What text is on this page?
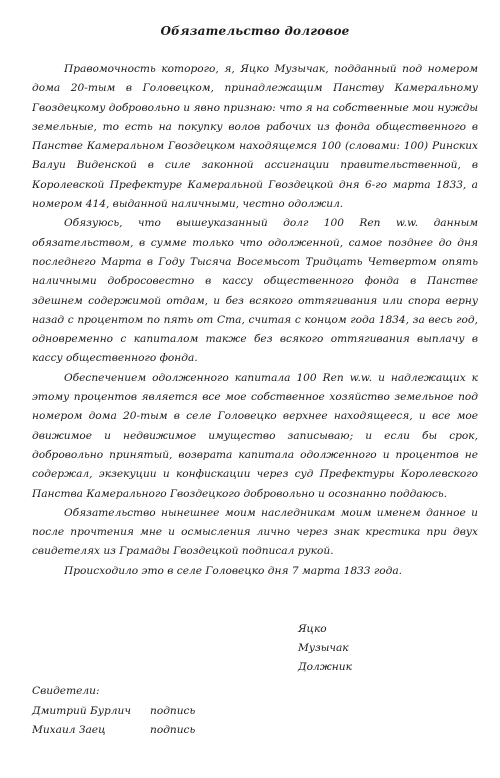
Обязательство долговое

Правомочность которого, я, Яцко Музычак, подданный под номером дома 20-тым в Головецком, принадлежащим Панству Камеральному Гвоздецкому добровольно и явно признаю: что я на собственные мои нужды земельные, то есть на покупку волов рабочих из фонда общественного в Панстве Камеральном Гвоздецком находящемся 100 (словами: 100) Ринских Валуи Виденской в силе законной ассигнации правительственной, в Королевской Префектуре Камеральной Гвоздецкой дня 6-го марта 1833, а номером 414, выданной наличными, честно одолжил.

Обязуюсь, что вышеуказанный долг 100 Ren w.w. данным обязательством, в сумме только что одолженной, самое позднее до дня последнего Марта в Году Тысяча Восемьсот Тридцать Четвертом опять наличными добросовестно в кассу общественного фонда в Панстве здешнем содержимой отдам, и без всякого оттягивания или спора верну назад с процентом по пять от Ста, считая с концом года 1834, за весь год, одновременно с капиталом также без всякого оттягивания выплачу в кассу общественного фонда.

Обеспечением одолженного капитала 100 Ren w.w. и надлежащих к этому процентов является все мое собственное хозяйство земельное под номером дома 20-тым в селе Головецко верхнее находящееся, и все мое движимое и недвижимое имущество записываю; и если бы срок, добровольно принятый, возврата капитала одолженного и процентов не содержал, экзекуции и конфискации через суд Префектуры Королевского Панства Камерального Гвоздецкого добровольно и осознанно поддаюсь.

Обязательство нынешнее моим наследникам моим именем данное и после прочтения мне и осмысления лично через знак крестика при двух свидетелях из Грамады Гвоздецкой подписал рукой.

Происходило это в селе Головецко дня 7 марта 1833 года.

Яцко
Музычак
Должник
Свидетели:
Дмитрий Бурлич	подпись
Михаил Заец	подпись
